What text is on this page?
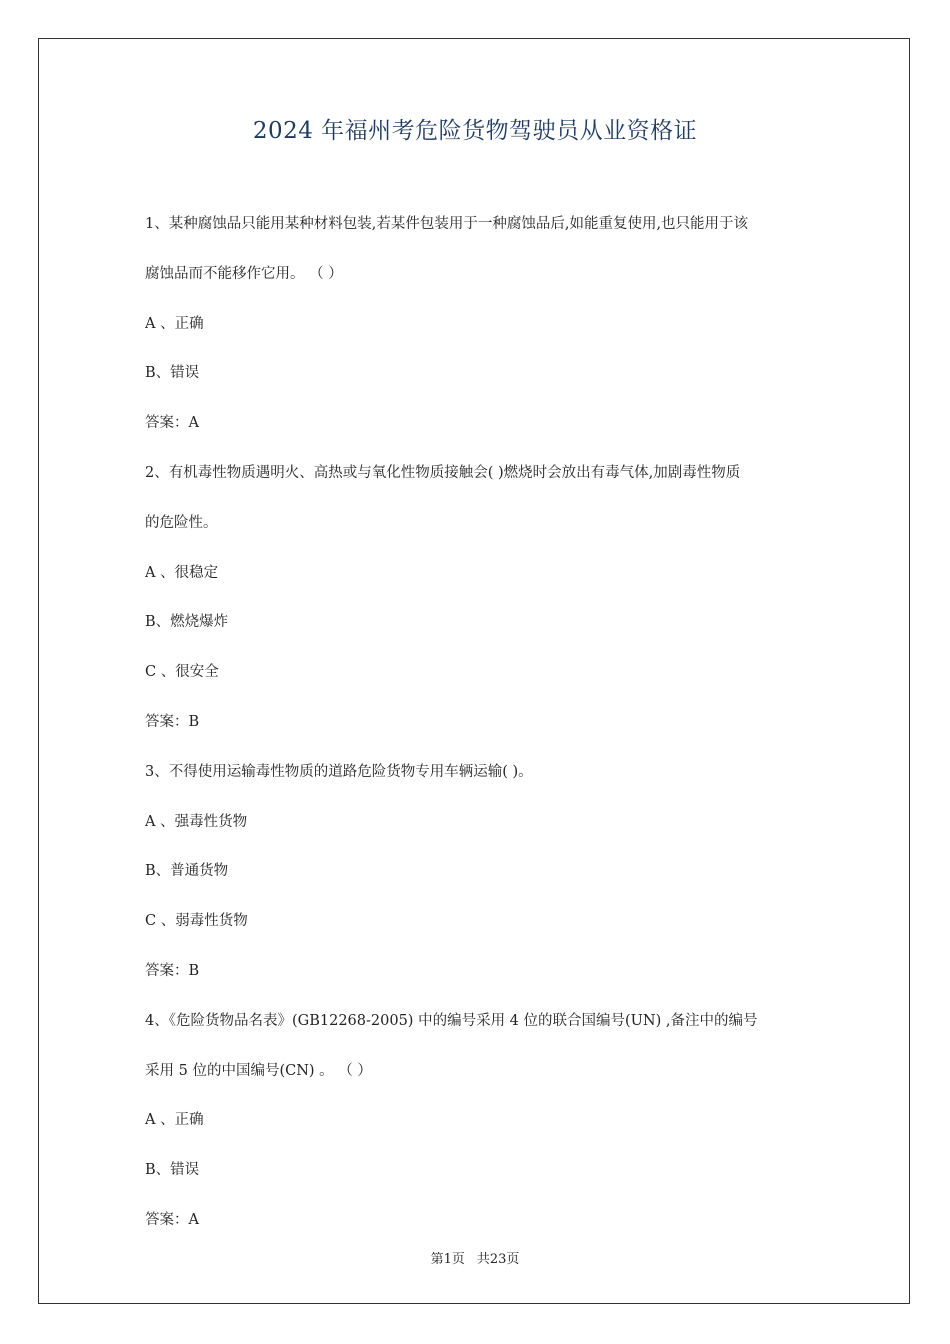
2024 年福州考危险货物驾驶员从业资格证
1、某种腐蚀品只能用某种材料包装,若某件包装用于一种腐蚀品后,如能重复使用,也只能用于该
腐蚀品而不能移作它用。 （ ）
A 、正确
B、错误
答案：A
2、有机毒性物质遇明火、高热或与氧化性物质接触会( )燃烧时会放出有毒气体,加剧毒性物质
的危险性。
A 、很稳定
B、燃烧爆炸
C 、很安全
答案：B
3、不得使用运输毒性物质的道路危险货物专用车辆运输( )。
A 、强毒性货物
B、普通货物
C 、弱毒性货物
答案：B
4、《危险货物品名表》(GB12268-2005) 中的编号采用 4 位的联合国编号(UN) ,备注中的编号
采用 5 位的中国编号(CN) 。 （ ）
A 、正确
B、错误
答案：A
第1页 共23页
